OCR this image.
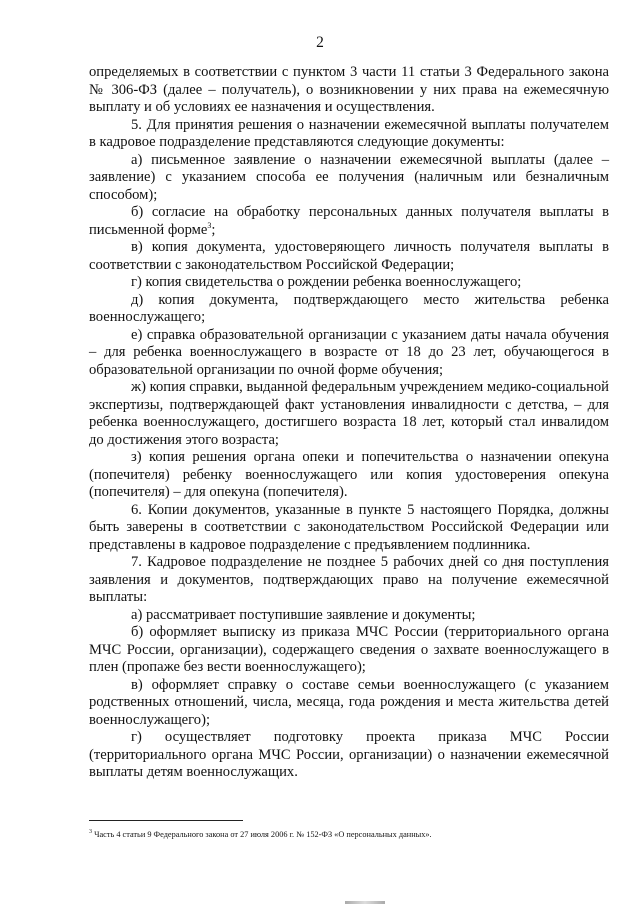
2

определяемых в соответствии с пунктом 3 части 11 статьи 3 Федерального закона № 306-ФЗ (далее – получатель), о возникновении у них права на ежемесячную выплату и об условиях ее назначения и осуществления.

5. Для принятия решения о назначении ежемесячной выплаты получателем в кадровое подразделение представляются следующие документы:

а) письменное заявление о назначении ежемесячной выплаты (далее – заявление) с указанием способа ее получения (наличным или безналичным способом);

б) согласие на обработку персональных данных получателя выплаты в письменной форме$^3$;

в) копия документа, удостоверяющего личность получателя выплаты в соответствии с законодательством Российской Федерации;

г) копия свидетельства о рождении ребенка военнослужащего;

д) копия документа, подтверждающего место жительства ребенка военнослужащего;

е) справка образовательной организации с указанием даты начала обучения – для ребенка военнослужащего в возрасте от 18 до 23 лет, обучающегося в образовательной организации по очной форме обучения;

ж) копия справки, выданной федеральным учреждением медико-социальной экспертизы, подтверждающей факт установления инвалидности с детства, – для ребенка военнослужащего, достигшего возраста 18 лет, который стал инвалидом до достижения этого возраста;

з) копия решения органа опеки и попечительства о назначении опекуна (попечителя) ребенку военнослужащего или копия удостоверения опекуна (попечителя) – для опекуна (попечителя).

6. Копии документов, указанные в пункте 5 настоящего Порядка, должны быть заверены в соответствии с законодательством Российской Федерации или представлены в кадровое подразделение с предъявлением подлинника.

7. Кадровое подразделение не позднее 5 рабочих дней со дня поступления заявления и документов, подтверждающих право на получение ежемесячной выплаты:

а) рассматривает поступившие заявление и документы;

б) оформляет выписку из приказа МЧС России (территориального органа МЧС России, организации), содержащего сведения о захвате военнослужащего в плен (пропаже без вести военнослужащего);

в) оформляет справку о составе семьи военнослужащего (с указанием родственных отношений, числа, месяца, года рождения и места жительства детей военнослужащего);

г) осуществляет подготовку проекта приказа МЧС России (территориального органа МЧС России, организации) о назначении ежемесячной выплаты детям военнослужащих.

$^3$ Часть 4 статьи 9 Федерального закона от 27 июля 2006 г. № 152-ФЗ «О персональных данных».
